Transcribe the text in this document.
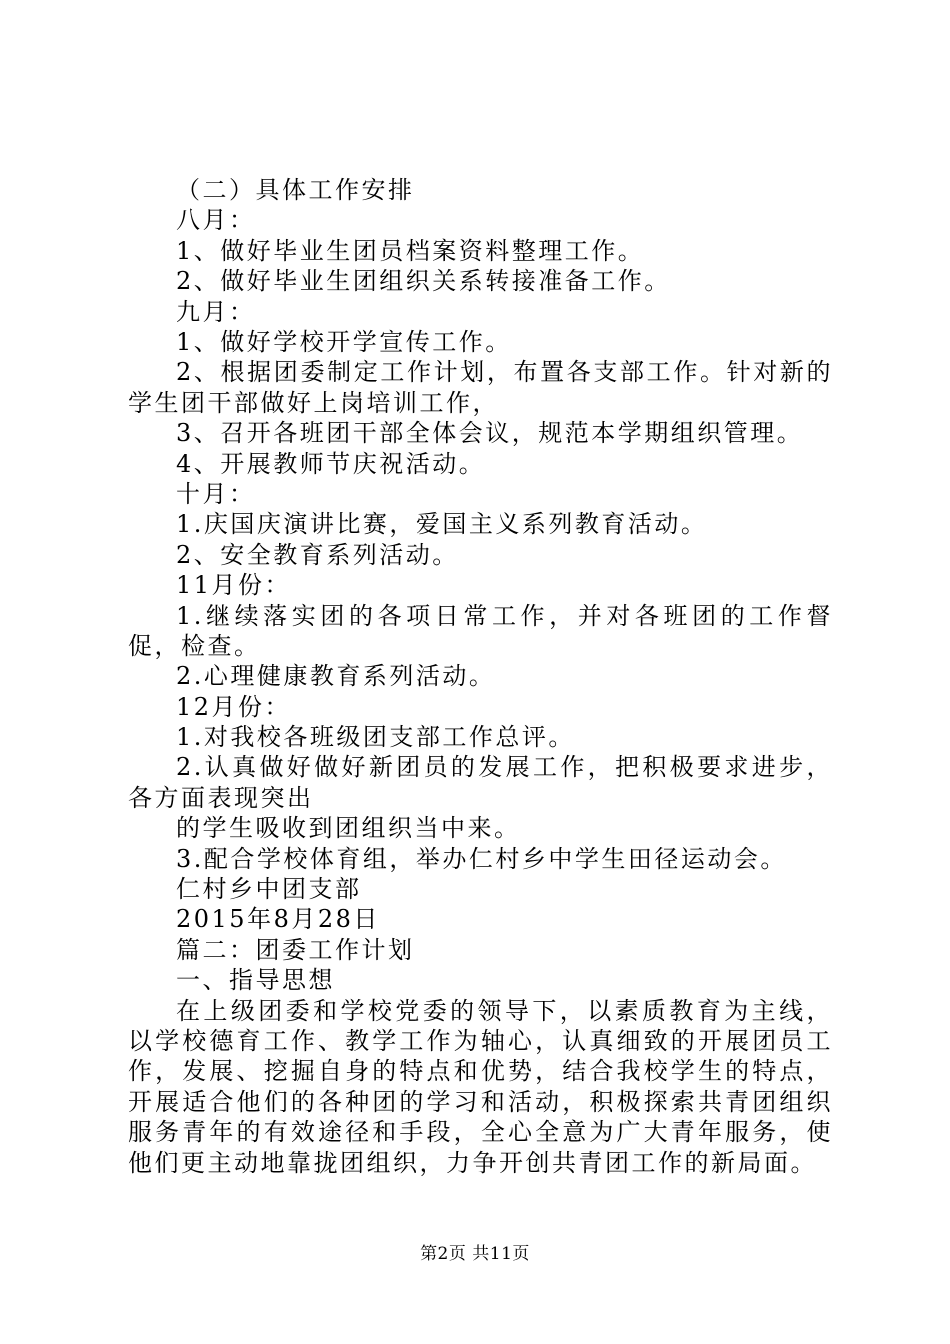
（二）具体工作安排
八月：
1、做好毕业生团员档案资料整理工作。
2、做好毕业生团组织关系转接准备工作。
九月：
1、做好学校开学宣传工作。
2、根据团委制定工作计划，布置各支部工作。针对新的学生团干部做好上岗培训工作，
3、召开各班团干部全体会议，规范本学期组织管理。
4、开展教师节庆祝活动。
十月：
1.庆国庆演讲比赛，爱国主义系列教育活动。
2、安全教育系列活动。
11月份：
1.继续落实团的各项日常工作，并对各班团的工作督促，检查。
2.心理健康教育系列活动。
12月份：
1.对我校各班级团支部工作总评。
2.认真做好做好新团员的发展工作，把积极要求进步，各方面表现突出
的学生吸收到团组织当中来。
3.配合学校体育组，举办仁村乡中学生田径运动会。
仁村乡中团支部
2015年8月28日
篇二：团委工作计划
一、指导思想
在上级团委和学校党委的领导下，以素质教育为主线，以学校德育工作、教学工作为轴心，认真细致的开展团员工作，发展、挖掘自身的特点和优势，结合我校学生的特点，开展适合他们的各种团的学习和活动，积极探索共青团组织服务青年的有效途径和手段，全心全意为广大青年服务，使他们更主动地靠拢团组织，力争开创共青团工作的新局面。
第2页 共11页
